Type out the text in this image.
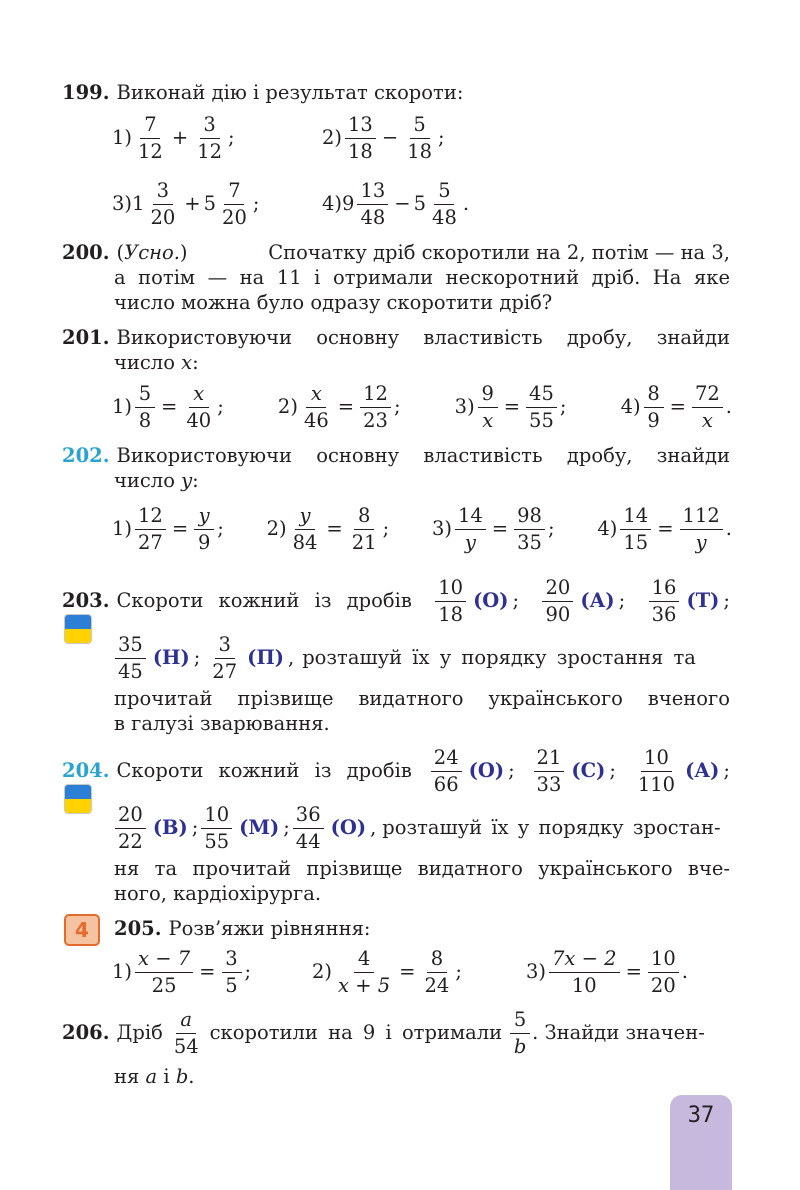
199. Виконай дію і результат скороти:
$1) \frac{7}{12} + \frac{3}{12}$ ;	$2) \frac{13}{18} - \frac{5}{18}$ ;
3) $1 \frac{3}{20} + 5 \frac{7}{20}$ ;	4) $9 \frac{13}{48} - 5 \frac{5}{48}$ .
200. (Усно.)	Спочатку дріб скоротили на 2, потім — на 3,
а потім — на 11 і отримали нескоротний дріб. На яке
число можна було одразу скоротити дріб?
201. Використовуючи основну властивість дробу, знайди
число x:
$1) \frac{5}{8} = \frac{x}{40}$ ;	$2) \frac{x}{46} = \frac{12}{23}$ ;	$3) \frac{9}{x} = \frac{45}{55}$ ;	$4) \frac{8}{9} = \frac{72}{x}$ .
202. Використовуючи основну властивість дробу, знайди
число y:
$1) \frac{12}{27} = \frac{y}{9}$ ; $2) \frac{y}{84} = \frac{8}{21}$ ; $3) \frac{14}{y} = \frac{98}{35}$ ; $4) \frac{14}{15} = \frac{112}{y}$ .
203. Скороти кожний із дробів $\frac{10}{18} (О)$ ; $\frac{20}{90} (А)$ ; $\frac{16}{36} (Т)$ ;
$\frac{35}{45} (Н)$ ; $\frac{3}{27} (П)$ , розташуй їх у порядку зростання та
прочитай прізвище видатного українського вченого
в галузі зварювання.
204. Скороти кожний із дробів $\frac{24}{66} (О)$ ; $\frac{21}{33} (С)$ ; $\frac{10}{110} (А)$ ;
$\frac{20}{22} (В)$ ; $\frac{10}{55} (М)$ ; $\frac{36}{44} (О)$ , розташуй їх у порядку зростан-
ня та прочитай прізвище видатного українського вче-
ного, кардіохірурга.
4	205. Розв’яжи рівняння:
$1) \frac{x - 7}{25} = \frac{3}{5}$ ;	$2) \frac{4}{x + 5} = \frac{8}{24}$ ;	$3) \frac{7x - 2}{10} = \frac{10}{20}$ .
206. Дріб $\frac{a}{54}$ скоротили на 9 і отримали $\frac{5}{b}$ . Знайди значен-
ня a і b.
37
